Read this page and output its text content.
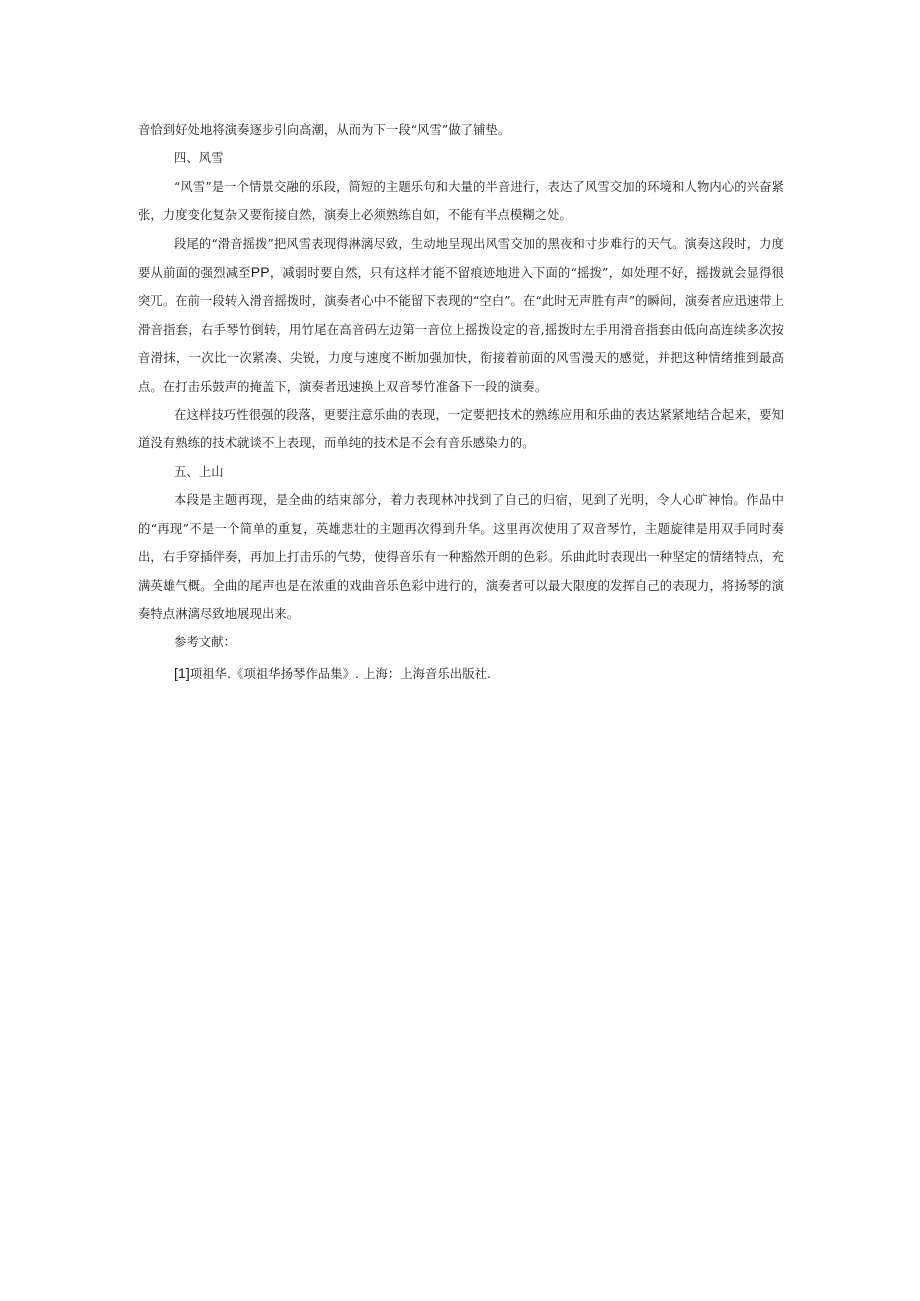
音恰到好处地将演奏逐步引向高潮，从而为下一段“风雪”做了铺垫。

四、风雪

“风雪”是一个情景交融的乐段，简短的主题乐句和大量的半音进行，表达了风雪交加的环境和人物内心的兴奋紧张，力度变化复杂又要衔接自然，演奏上必须熟练自如，不能有半点模糊之处。

段尾的“滑音摇拨”把风雪表现得淋漓尽致，生动地呈现出风雪交加的黑夜和寸步难行的天气。演奏这段时，力度要从前面的强烈减至PP，减弱时要自然，只有这样才能不留痕迹地进入下面的“摇拨”，如处理不好，摇拨就会显得很突兀。在前一段转入滑音摇拨时，演奏者心中不能留下表现的“空白”。在“此时无声胜有声”的瞬间，演奏者应迅速带上滑音指套，右手琴竹倒转，用竹尾在高音码左边第一音位上摇拨设定的音,摇拨时左手用滑音指套由低向高连续多次按音滑抹，一次比一次紧凑、尖锐，力度与速度不断加强加快，衔接着前面的风雪漫天的感觉，并把这种情绪推到最高点。在打击乐鼓声的掩盖下，演奏者迅速换上双音琴竹准备下一段的演奏。

在这样技巧性很强的段落，更要注意乐曲的表现，一定要把技术的熟练应用和乐曲的表达紧紧地结合起来，要知道没有熟练的技术就谈不上表现，而单纯的技术是不会有音乐感染力的。

五、上山

本段是主题再现，是全曲的结束部分，着力表现林冲找到了自己的归宿，见到了光明，令人心旷神怡。作品中的“再现”不是一个简单的重复，英雄悲壮的主题再次得到升华。这里再次使用了双音琴竹，主题旋律是用双手同时奏出，右手穿插伴奏，再加上打击乐的气势，使得音乐有一种豁然开朗的色彩。乐曲此时表现出一种坚定的情绪特点，充满英雄气概。全曲的尾声也是在浓重的戏曲音乐色彩中进行的，演奏者可以最大限度的发挥自己的表现力，将扬琴的演奏特点淋漓尽致地展现出来。

参考文献：

[1]项祖华.《项祖华扬琴作品集》. 上海：上海音乐出版社.
